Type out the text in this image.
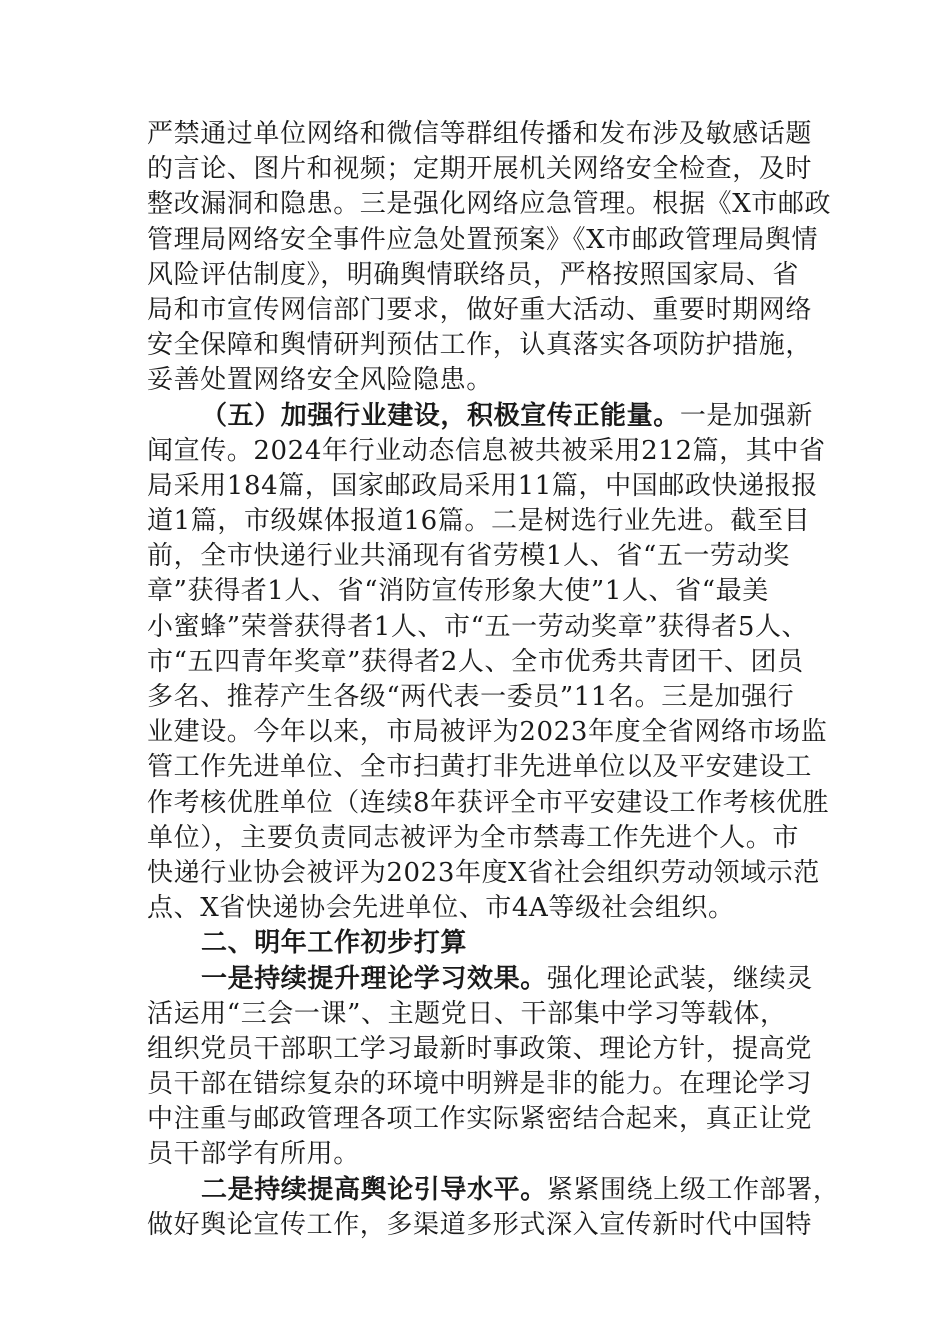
严禁通过单位网络和微信等群组传播和发布涉及敏感话题
的言论、图片和视频；定期开展机关网络安全检查，及时
整改漏洞和隐患。三是强化网络应急管理。根据《X市邮政
管理局网络安全事件应急处置预案》《X市邮政管理局舆情
风险评估制度》，明确舆情联络员，严格按照国家局、省
局和市宣传网信部门要求，做好重大活动、重要时期网络
安全保障和舆情研判预估工作，认真落实各项防护措施，
妥善处置网络安全风险隐患。
（五）加强行业建设，积极宣传正能量。一是加强新
闻宣传。2024年行业动态信息被共被采用212篇，其中省
局采用184篇，国家邮政局采用11篇，中国邮政快递报报
道1篇，市级媒体报道16篇。二是树选行业先进。截至目
前，全市快递行业共涌现有省劳模1人、省“五一劳动奖
章”获得者1人、省“消防宣传形象大使”1人、省“最美
小蜜蜂”荣誉获得者1人、市“五一劳动奖章”获得者5人、
市“五四青年奖章”获得者2人、全市优秀共青团干、团员
多名、推荐产生各级“两代表一委员”11名。三是加强行
业建设。今年以来，市局被评为2023年度全省网络市场监
管工作先进单位、全市扫黄打非先进单位以及平安建设工
作考核优胜单位（连续8年获评全市平安建设工作考核优胜
单位），主要负责同志被评为全市禁毒工作先进个人。市
快递行业协会被评为2023年度X省社会组织劳动领域示范
点、X省快递协会先进单位、市4A等级社会组织。
二、明年工作初步打算
一是持续提升理论学习效果。强化理论武装，继续灵
活运用“三会一课”、主题党日、干部集中学习等载体，
组织党员干部职工学习最新时事政策、理论方针，提高党
员干部在错综复杂的环境中明辨是非的能力。在理论学习
中注重与邮政管理各项工作实际紧密结合起来，真正让党
员干部学有所用。
二是持续提高舆论引导水平。紧紧围绕上级工作部署，
做好舆论宣传工作，多渠道多形式深入宣传新时代中国特
